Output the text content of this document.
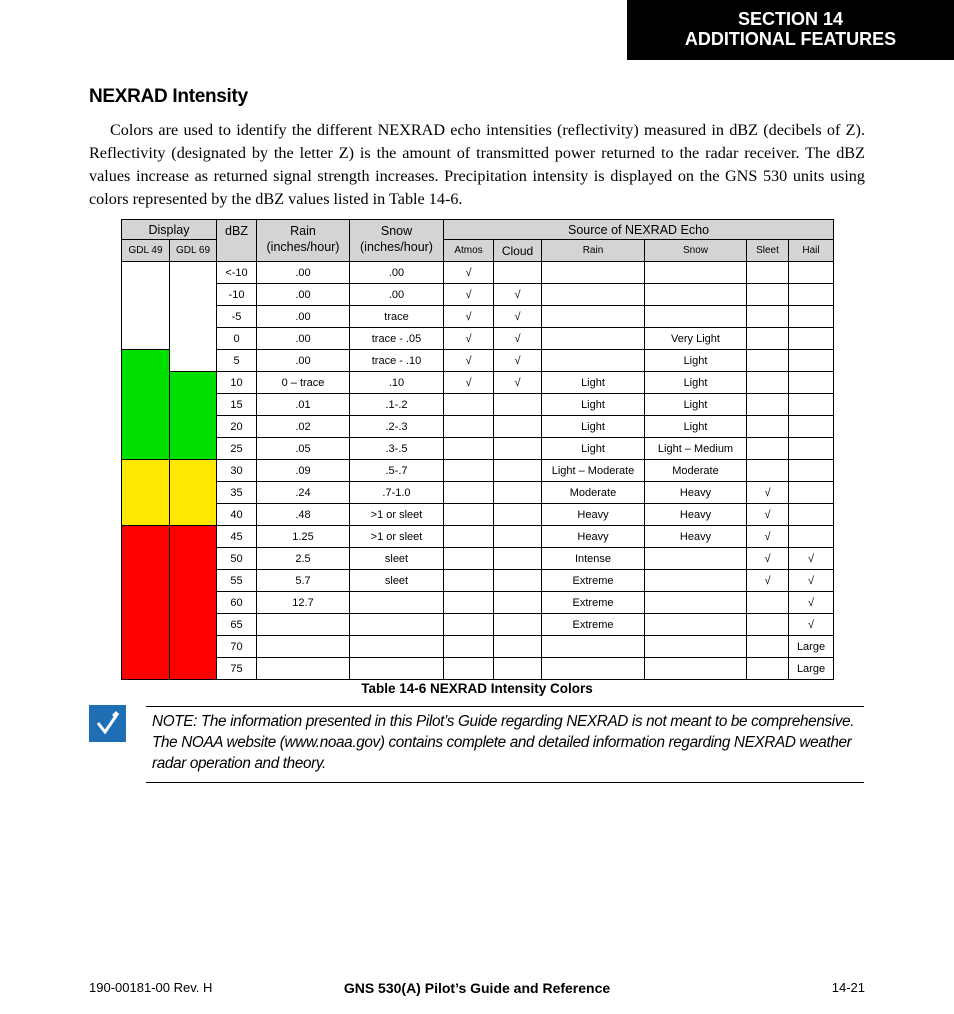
SECTION 14
ADDITIONAL FEATURES
NEXRAD Intensity

Colors are used to identify the different NEXRAD echo intensities (reflectivity) measured in dBZ (decibels of Z). Reflectivity (designated by the letter Z) is the amount of transmitted power returned to the radar receiver. The dBZ values increase as returned signal strength increases. Precipitation intensity is displayed on the GNS 530 units using colors represented by the dBZ values listed in Table 14-6.

Display		dBZ	Rain (inches/hour)	Snow (inches/hour)	Source of NEXRAD Echo					
GDL 49	GDL 69				Atmos	Cloud	Rain	Snow	Sleet	Hail
		<-10	.00	.00	√					
		-10	.00	.00	√	√				
		-5	.00	trace	√	√				
		0	.00	trace - .05	√	√		Very Light		
		5	.00	trace - .10	√	√		Light		
		10	0 – trace	.10	√	√	Light	Light		
		15	.01	.1-.2			Light	Light		
		20	.02	.2-.3			Light	Light		
		25	.05	.3-.5			Light	Light – Medium		
		30	.09	.5-.7			Light – Moderate	Moderate		
		35	.24	.7-1.0			Moderate	Heavy	√	
		40	.48	>1 or sleet			Heavy	Heavy	√	
		45	1.25	>1 or sleet			Heavy	Heavy	√	
		50	2.5	sleet			Intense		√	√
		55	5.7	sleet			Extreme		√	√
		60	12.7				Extreme			√
		65					Extreme			√
		70								Large
		75								Large
Table 14-6 NEXRAD Intensity Colors

NOTE: The information presented in this Pilot’s Guide regarding NEXRAD is not meant to be comprehensive. The NOAA website (www.noaa.gov) contains complete and detailed information regarding NEXRAD weather radar operation and theory.

190-00181-00 Rev. H	GNS 530(A) Pilot’s Guide and Reference	14-21
